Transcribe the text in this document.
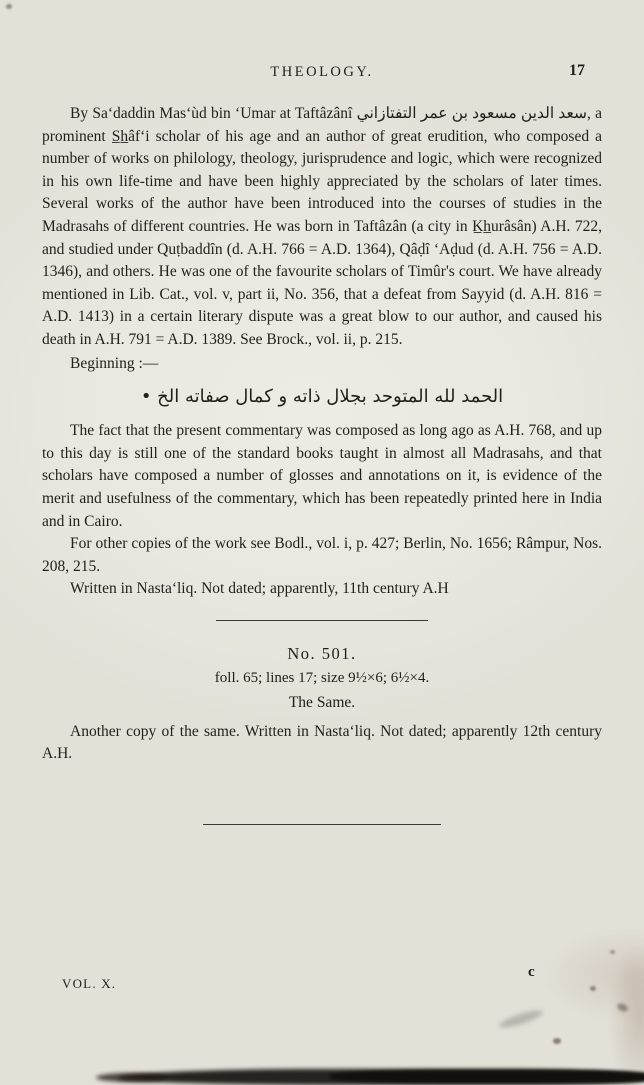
THEOLOGY.	17

By Saʻdaddin Masʻùd bin ʻUmar at Taftâzânî سعد الدين مسعود بن عمر التفتازاني, a prominent S̲h̲âfʻi scholar of his age and an author of great erudition, who composed a number of works on philology, theology, jurisprudence and logic, which were recognized in his own life-time and have been highly appreciated by the scholars of later times. Several works of the author have been introduced into the courses of studies in the Madrasahs of different countries. He was born in Taftâzân (a city in K̲h̲urâsân) A.H. 722, and studied under Quṭbaddîn (d. A.H. 766 = A.D. 1364), Qâḍî ʻAḍud (d. A.H. 756 = A.D. 1346), and others. He was one of the favourite scholars of Timûr's court. We have already mentioned in Lib. Cat., vol. v, part ii, No. 356, that a defeat from Sayyid (d. A.H. 816 = A.D. 1413) in a certain literary dispute was a great blow to our author, and caused his death in A.H. 791 = A.D. 1389. See Brock., vol. ii, p. 215.

Beginning :—

الحمد لله المتوحد بجلال ذاته و كمال صفاته الخ •

The fact that the present commentary was composed as long ago as A.H. 768, and up to this day is still one of the standard books taught in almost all Madrasahs, and that scholars have composed a number of glosses and annotations on it, is evidence of the merit and usefulness of the commentary, which has been repeatedly printed here in India and in Cairo.

For other copies of the work see Bodl., vol. i, p. 427; Berlin, No. 1656; Râmpur, Nos. 208, 215.

Written in Nastaʻliq. Not dated; apparently, 11th century A.H

No. 501.
foll. 65; lines 17; size 9½×6; 6½×4.
The Same.

Another copy of the same. Written in Nastaʻliq. Not dated; apparently 12th century A.H.

VOL. X.
c
